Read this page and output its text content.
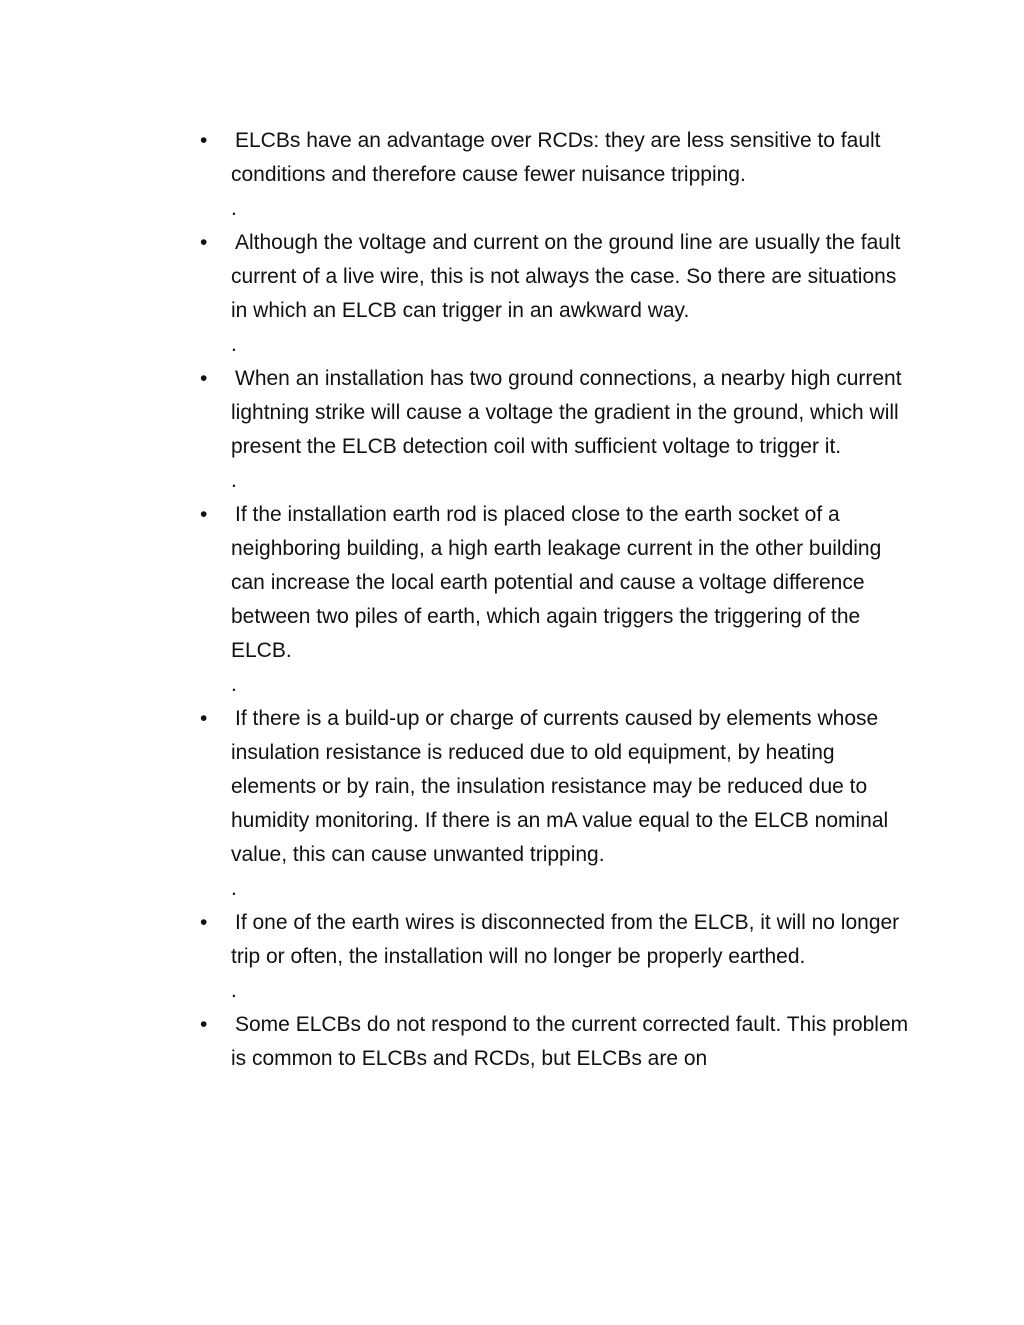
• ELCBs have an advantage over RCDs: they are less sensitive to fault conditions and therefore cause fewer nuisance tripping.
.
• Although the voltage and current on the ground line are usually the fault current of a live wire, this is not always the case. So there are situations in which an ELCB can trigger in an awkward way.
.
• When an installation has two ground connections, a nearby high current lightning strike will cause a voltage the gradient in the ground, which will present the ELCB detection coil with sufficient voltage to trigger it.
.
• If the installation earth rod is placed close to the earth socket of a neighboring building, a high earth leakage current in the other building can increase the local earth potential and cause a voltage difference between two piles of earth, which again triggers the triggering of the ELCB.
.
• If there is a build-up or charge of currents caused by elements whose insulation resistance is reduced due to old equipment, by heating elements or by rain, the insulation resistance may be reduced due to humidity monitoring. If there is an mA value equal to the ELCB nominal value, this can cause unwanted tripping.
.
• If one of the earth wires is disconnected from the ELCB, it will no longer trip or often, the installation will no longer be properly earthed.
.
• Some ELCBs do not respond to the current corrected fault. This problem is common to ELCBs and RCDs, but ELCBs are on
